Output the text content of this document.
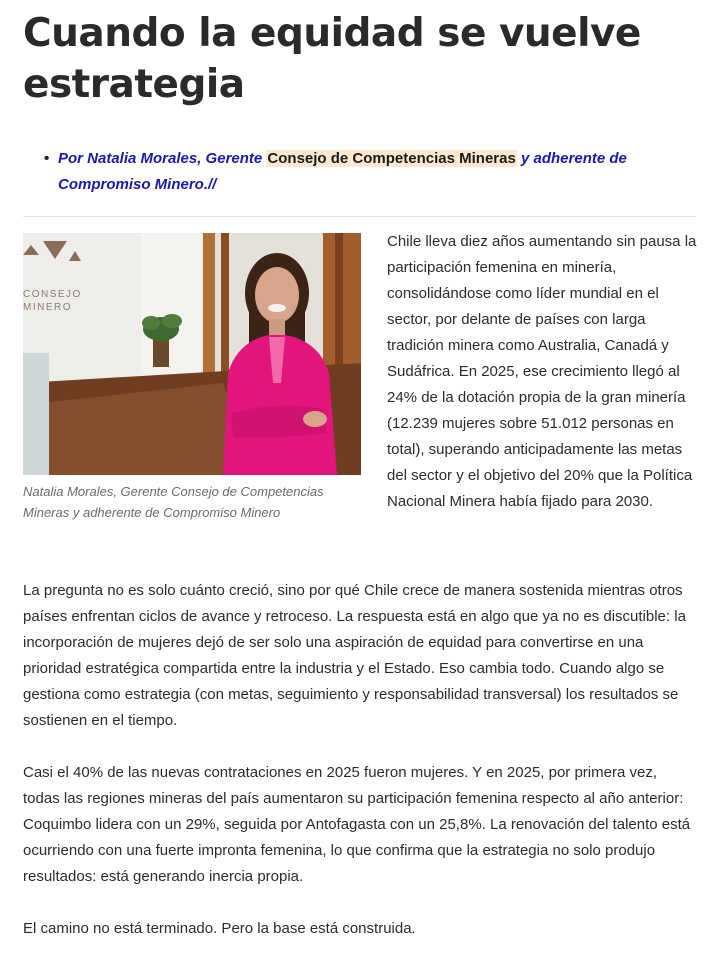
Cuando la equidad se vuelve estrategia
• Por Natalia Morales, Gerente Consejo de Competencias Mineras y adherente de Compromiso Minero.//
Natalia Morales, Gerente Consejo de Competencias Mineras y adherente de Compromiso Minero

Chile lleva diez años aumentando sin pausa la participación femenina en minería, consolidándose como líder mundial en el sector, por delante de países con larga tradición minera como Australia, Canadá y Sudáfrica. En 2025, ese crecimiento llegó al 24% de la dotación propia de la gran minería (12.239 mujeres sobre 51.012 personas en total), superando anticipadamente las metas del sector y el objetivo del 20% que la Política Nacional Minera había fijado para 2030.

La pregunta no es solo cuánto creció, sino por qué Chile crece de manera sostenida mientras otros países enfrentan ciclos de avance y retroceso. La respuesta está en algo que ya no es discutible: la incorporación de mujeres dejó de ser solo una aspiración de equidad para convertirse en una prioridad estratégica compartida entre la industria y el Estado. Eso cambia todo. Cuando algo se gestiona como estrategia (con metas, seguimiento y responsabilidad transversal) los resultados se sostienen en el tiempo.

Casi el 40% de las nuevas contrataciones en 2025 fueron mujeres. Y en 2025, por primera vez, todas las regiones mineras del país aumentaron su participación femenina respecto al año anterior: Coquimbo lidera con un 29%, seguida por Antofagasta con un 25,8%. La renovación del talento está ocurriendo con una fuerte impronta femenina, lo que confirma que la estrategia no solo produjo resultados: está generando inercia propia.

El camino no está terminado. Pero la base está construida.

CONSEJO
MINERO
